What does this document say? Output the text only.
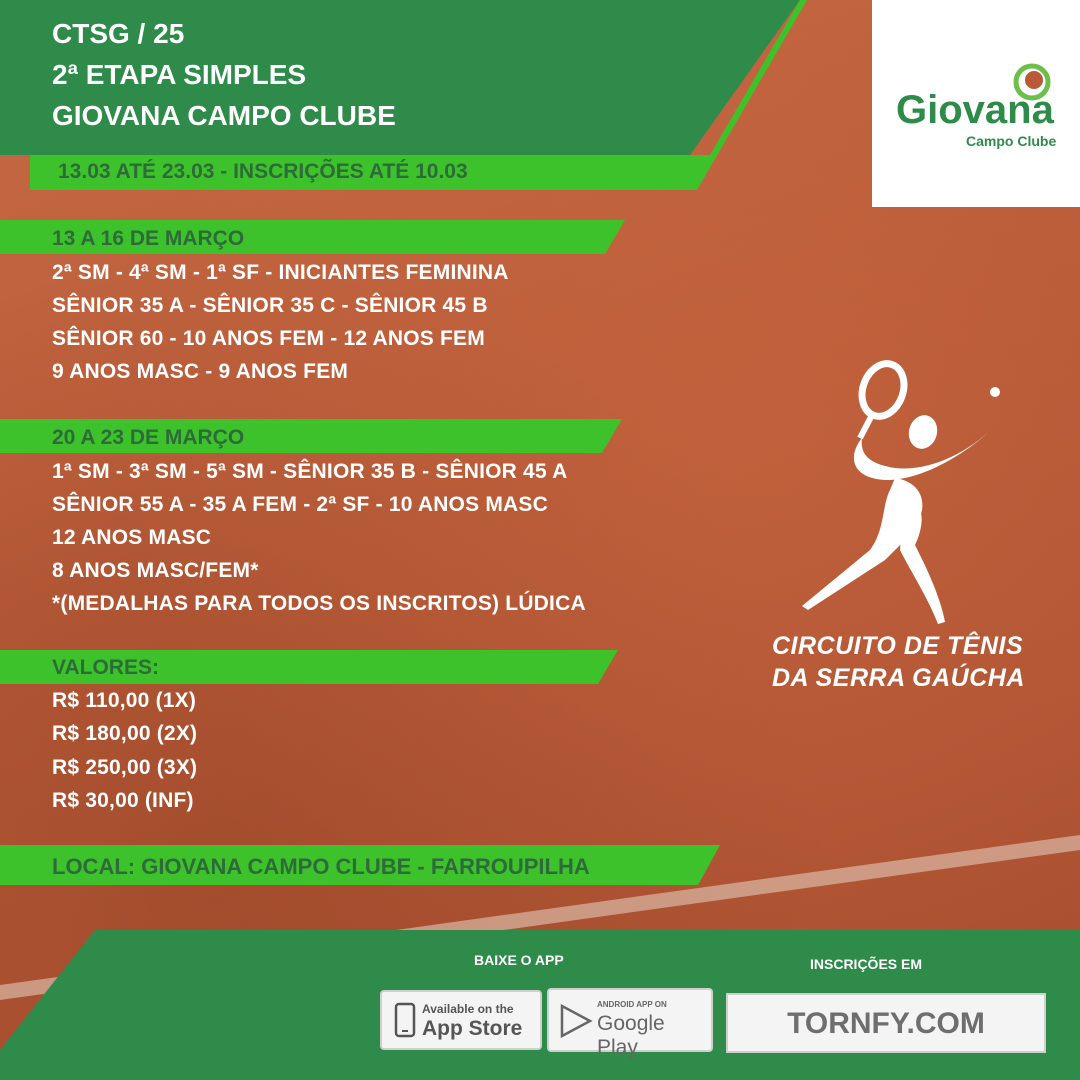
CTSG / 25
2ª ETAPA SIMPLES
GIOVANA CAMPO CLUBE
13.03 ATÉ 23.03 - INSCRIÇÕES ATÉ 10.03
Giovana
Campo Clube
13 A 16 DE MARÇO
2ª SM - 4ª SM - 1ª SF - INICIANTES FEMININA
SÊNIOR 35 A - SÊNIOR 35 C - SÊNIOR 45 B
SÊNIOR 60 - 10 ANOS FEM - 12 ANOS FEM
9 ANOS MASC - 9 ANOS FEM
20 A 23 DE MARÇO
1ª SM - 3ª SM - 5ª SM - SÊNIOR 35 B - SÊNIOR 45 A
SÊNIOR 55 A - 35 A FEM - 2ª SF - 10 ANOS MASC
12 ANOS MASC
8 ANOS MASC/FEM*
*(MEDALHAS PARA TODOS OS INSCRITOS) LÚDICA
VALORES:
R$ 110,00 (1X)
R$ 180,00 (2X)
R$ 250,00 (3X)
R$ 30,00 (INF)
LOCAL: GIOVANA CAMPO CLUBE - FARROUPILHA
CIRCUITO DE TÊNIS
DA SERRA GAÚCHA
BAIXE O APP	INSCRIÇÕES EM
Available on the
App Store
ANDROID APP ON
Google Play
TORNFY.COM
